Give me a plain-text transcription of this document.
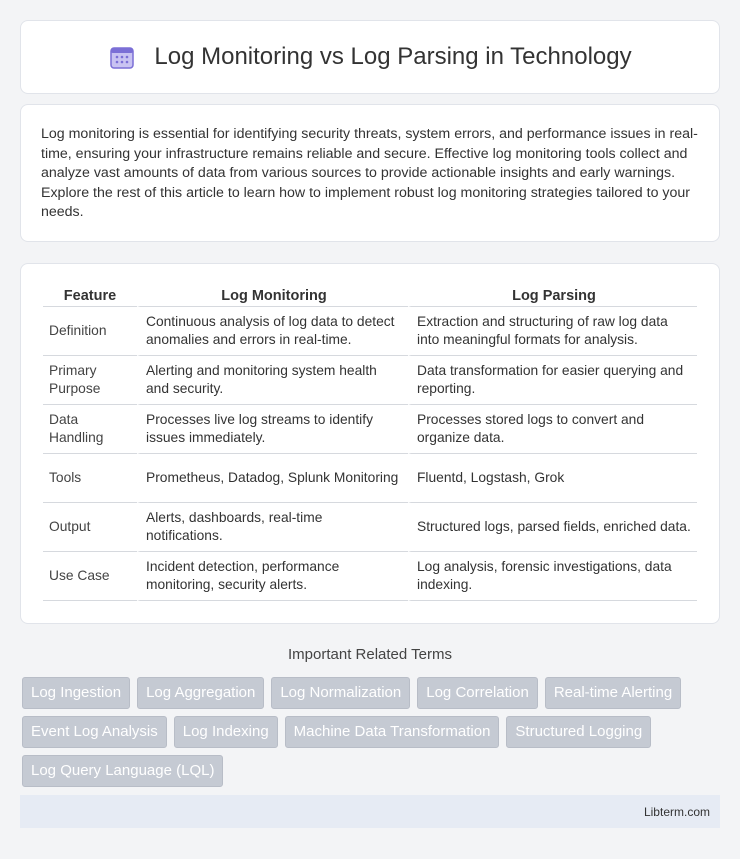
Log Monitoring vs Log Parsing in Technology

Log monitoring is essential for identifying security threats, system errors, and performance issues in real-time, ensuring your infrastructure remains reliable and secure. Effective log monitoring tools collect and analyze vast amounts of data from various sources to provide actionable insights and early warnings. Explore the rest of this article to learn how to implement robust log monitoring strategies tailored to your needs.

Feature	Log Monitoring	Log Parsing
Definition	Continuous analysis of log data to detect anomalies and errors in real-time.	Extraction and structuring of raw log data into meaningful formats for analysis.
Primary Purpose	Alerting and monitoring system health and security.	Data transformation for easier querying and reporting.
Data Handling	Processes live log streams to identify issues immediately.	Processes stored logs to convert and organize data.
Tools	Prometheus, Datadog, Splunk Monitoring	Fluentd, Logstash, Grok
Output	Alerts, dashboards, real-time notifications.	Structured logs, parsed fields, enriched data.
Use Case	Incident detection, performance monitoring, security alerts.	Log analysis, forensic investigations, data indexing.
Important Related Terms
Log Ingestion	Log Aggregation	Log Normalization	Log Correlation	Real-time Alerting
Event Log Analysis	Log Indexing	Machine Data Transformation	Structured Logging
Log Query Language (LQL)
Libterm.com
